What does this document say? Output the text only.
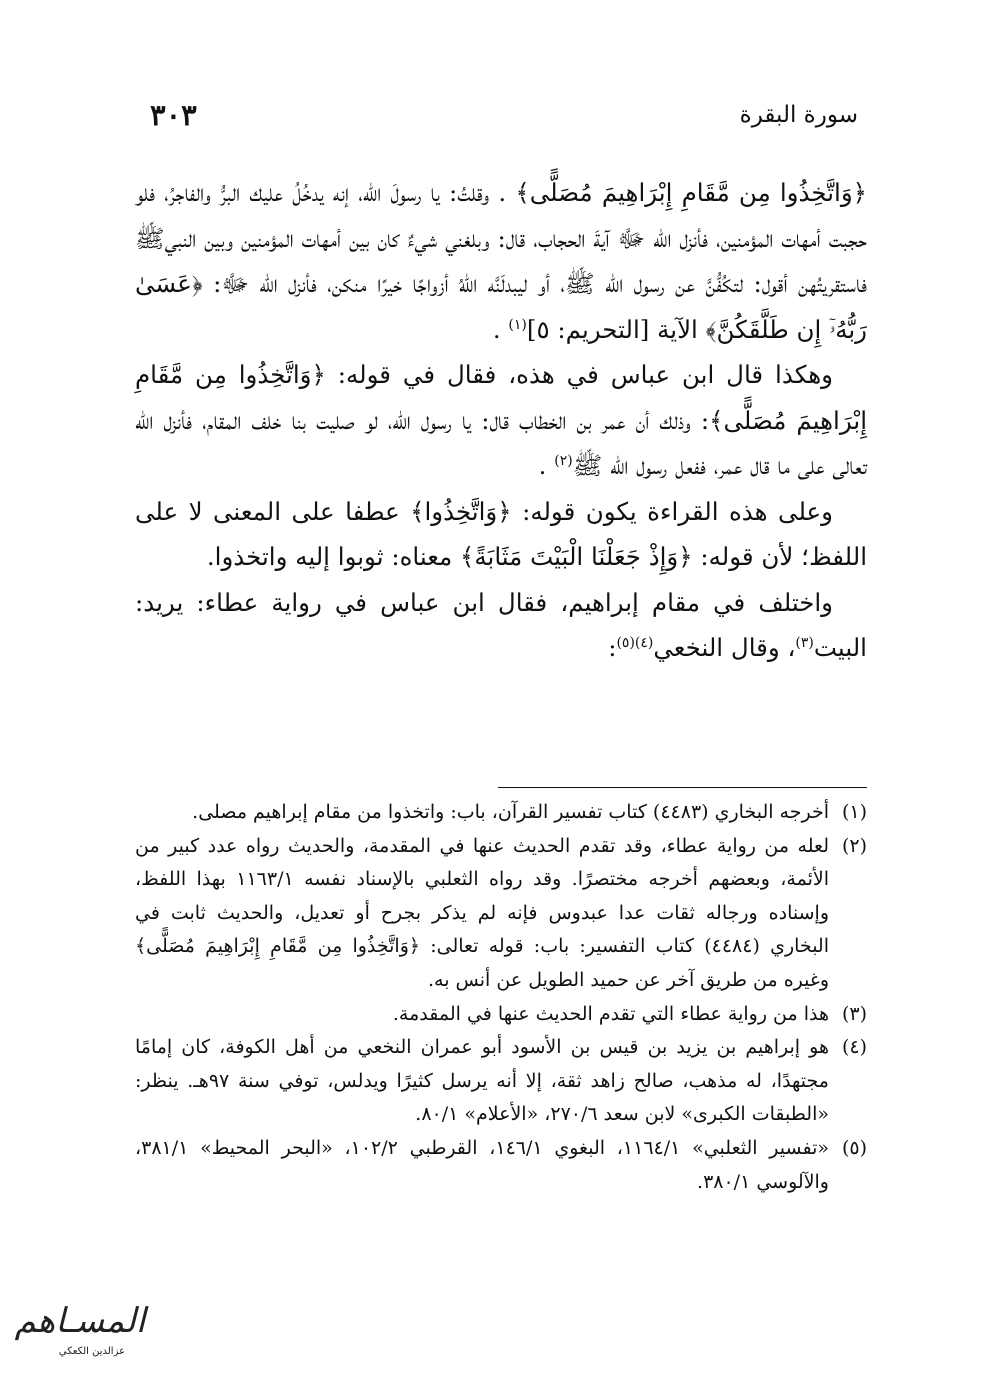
سورة البقرة
٣٠٣

﴿وَاتَّخِذُوا مِن مَّقَامِ إِبْرَاهِيمَ مُصَلًّى﴾ . وقلتُ: يا رسولَ الله، إنه يدخُلُ عليك البرُّ والفاجرُ، فلو حجبت أمهات المؤمنين، فأنزل الله ﷻ آيةَ الحجاب، قال: وبلغني شيءٌ كان بين أمهات المؤمنين وبين النبيﷺ فاستقريتُهن أقول: لتكُفُّنَّ عن رسول الله ﷺ، أو ليبدلَنَّه اللهُ أزواجًا خيرًا منكن، فأنزل الله ﷻ: ﴿عَسَىٰ رَبُّهُۥٓ إِن طَلَّقَكُنَّ﴾ الآية [التحريم: ٥]$^{(١)}$ .

وهكذا قال ابن عباس في هذه، فقال في قوله: ﴿وَاتَّخِذُوا مِن مَّقَامِ إِبْرَاهِيمَ مُصَلًّى﴾: وذلك أن عمر بن الخطاب قال: يا رسول الله، لو صليت بنا خلف المقام، فأنزل الله تعالى على ما قال عمر، ففعل رسول الله ﷺ$^{(٢)}$ .

وعلى هذه القراءة يكون قوله: ﴿وَاتَّخِذُوا﴾ عطفا على المعنى لا على اللفظ؛ لأن قوله: ﴿وَإِذْ جَعَلْنَا الْبَيْتَ مَثَابَةً﴾ معناه: ثوبوا إليه واتخذوا.

واختلف في مقام إبراهيم، فقال ابن عباس في رواية عطاء: يريد: البيت$^{(٣)}$، وقال النخعي$^{(٤)(٥)}$:

(١)
أخرجه البخاري (٤٤٨٣) كتاب تفسير القرآن، باب: واتخذوا من مقام إبراهيم مصلى.
(٢)
لعله من رواية عطاء، وقد تقدم الحديث عنها في المقدمة، والحديث رواه عدد كبير من الأئمة، وبعضهم أخرجه مختصرًا. وقد رواه الثعلبي بالإسناد نفسه ١١٦٣/١ بهذا اللفظ، وإسناده ورجاله ثقات عدا عبدوس فإنه لم يذكر بجرح أو تعديل، والحديث ثابت في البخاري (٤٤٨٤) كتاب التفسير: باب: قوله تعالى: ﴿وَاتَّخِذُوا مِن مَّقَامِ إِبْرَاهِيمَ مُصَلًّى﴾ وغيره من طريق آخر عن حميد الطويل عن أنس به.
(٣)
هذا من رواية عطاء التي تقدم الحديث عنها في المقدمة.
(٤)
هو إبراهيم بن يزيد بن قيس بن الأسود أبو عمران النخعي من أهل الكوفة، كان إمامًا مجتهدًا، له مذهب، صالح زاهد ثقة، إلا أنه يرسل كثيرًا ويدلس، توفي سنة ٩٧هـ. ينظر: «الطبقات الكبرى» لابن سعد ٢٧٠/٦، «الأعلام» ٨٠/١.
(٥)
«تفسير الثعلبي» ١١٦٤/١، البغوي ١٤٦/١، القرطبي ١٠٢/٢، «البحر المحيط» ٣٨١/١، والآلوسي ٣٨٠/١.
المسـاهم
عزالدين الكعكي
